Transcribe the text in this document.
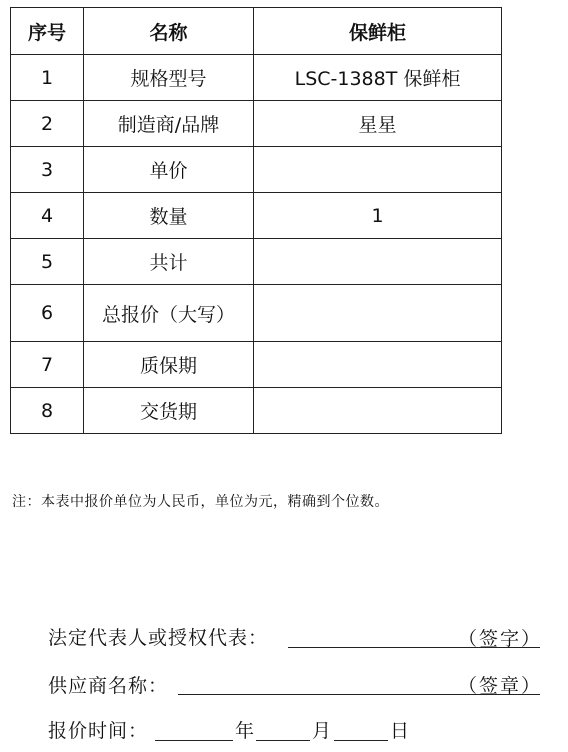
序号	名称	保鲜柜
1	规格型号	LSC-1388T 保鲜柜
2	制造商/品牌	星星
3	单价	
4	数量	1
5	共计	
6	总报价（大写）	
7	质保期	
8	交货期	
注：本表中报价单位为人民币，单位为元，精确到个位数。
法定代表人或授权代表：	（签字）
供应商名称：	（签章）
报价时间：	年	月	日
